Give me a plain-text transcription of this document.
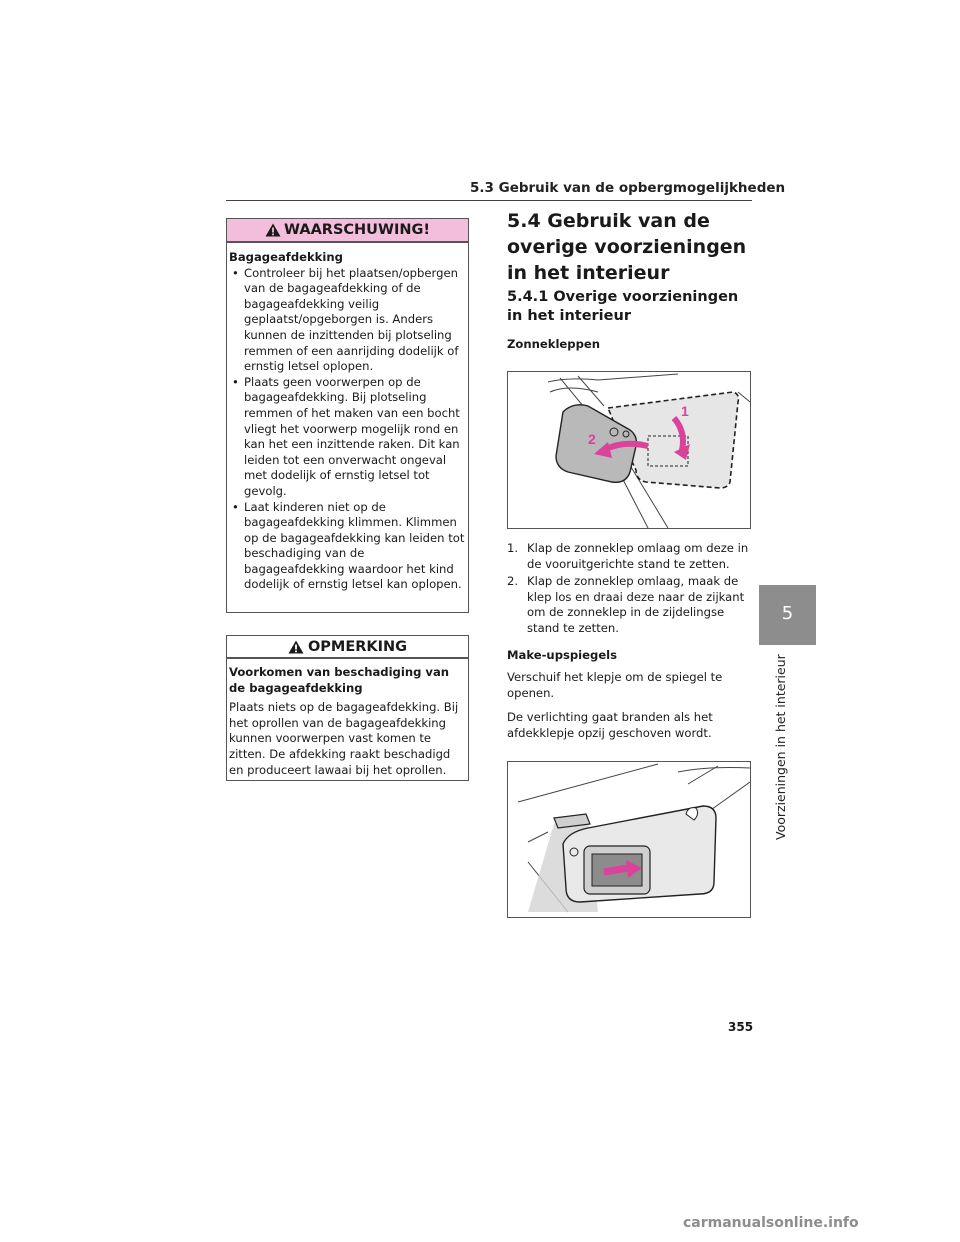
5.3 Gebruik van de opbergmogelijkheden
WAARSCHUWING!
Bagageafdekking
• Controleer bij het plaatsen/opbergen van de bagageafdekking of de bagageafdekking veilig geplaatst/opgeborgen is. Anders kunnen de inzittenden bij plotseling remmen of een aanrijding dodelijk of ernstig letsel oplopen.
• Plaats geen voorwerpen op de bagageafdekking. Bij plotseling remmen of het maken van een bocht vliegt het voorwerp mogelijk rond en kan het een inzittende raken. Dit kan leiden tot een onverwacht ongeval met dodelijk of ernstig letsel tot gevolg.
• Laat kinderen niet op de bagageafdekking klimmen. Klimmen op de bagageafdekking kan leiden tot beschadiging van de bagageafdekking waardoor het kind dodelijk of ernstig letsel kan oplopen.
OPMERKING
Voorkomen van beschadiging van de bagageafdekking
Plaats niets op de bagageafdekking. Bij het oprollen van de bagageafdekking kunnen voorwerpen vast komen te zitten. De afdekking raakt beschadigd en produceert lawaai bij het oprollen.
5.4 Gebruik van de overige voorzieningen in het interieur
5.4.1 Overige voorzieningen in het interieur
Zonnekleppen
1
2
1. Klap de zonneklep omlaag om deze in de vooruitgerichte stand te zetten.
2. Klap de zonneklep omlaag, maak de klep los en draai deze naar de zijkant om de zonneklep in de zijdelingse stand te zetten.
Make-upspiegels
Verschuif het klepje om de spiegel te openen.
De verlichting gaat branden als het afdekklepje opzij geschoven wordt.
355
5
Voorzieningen in het interieur
carmanualsonline.info
